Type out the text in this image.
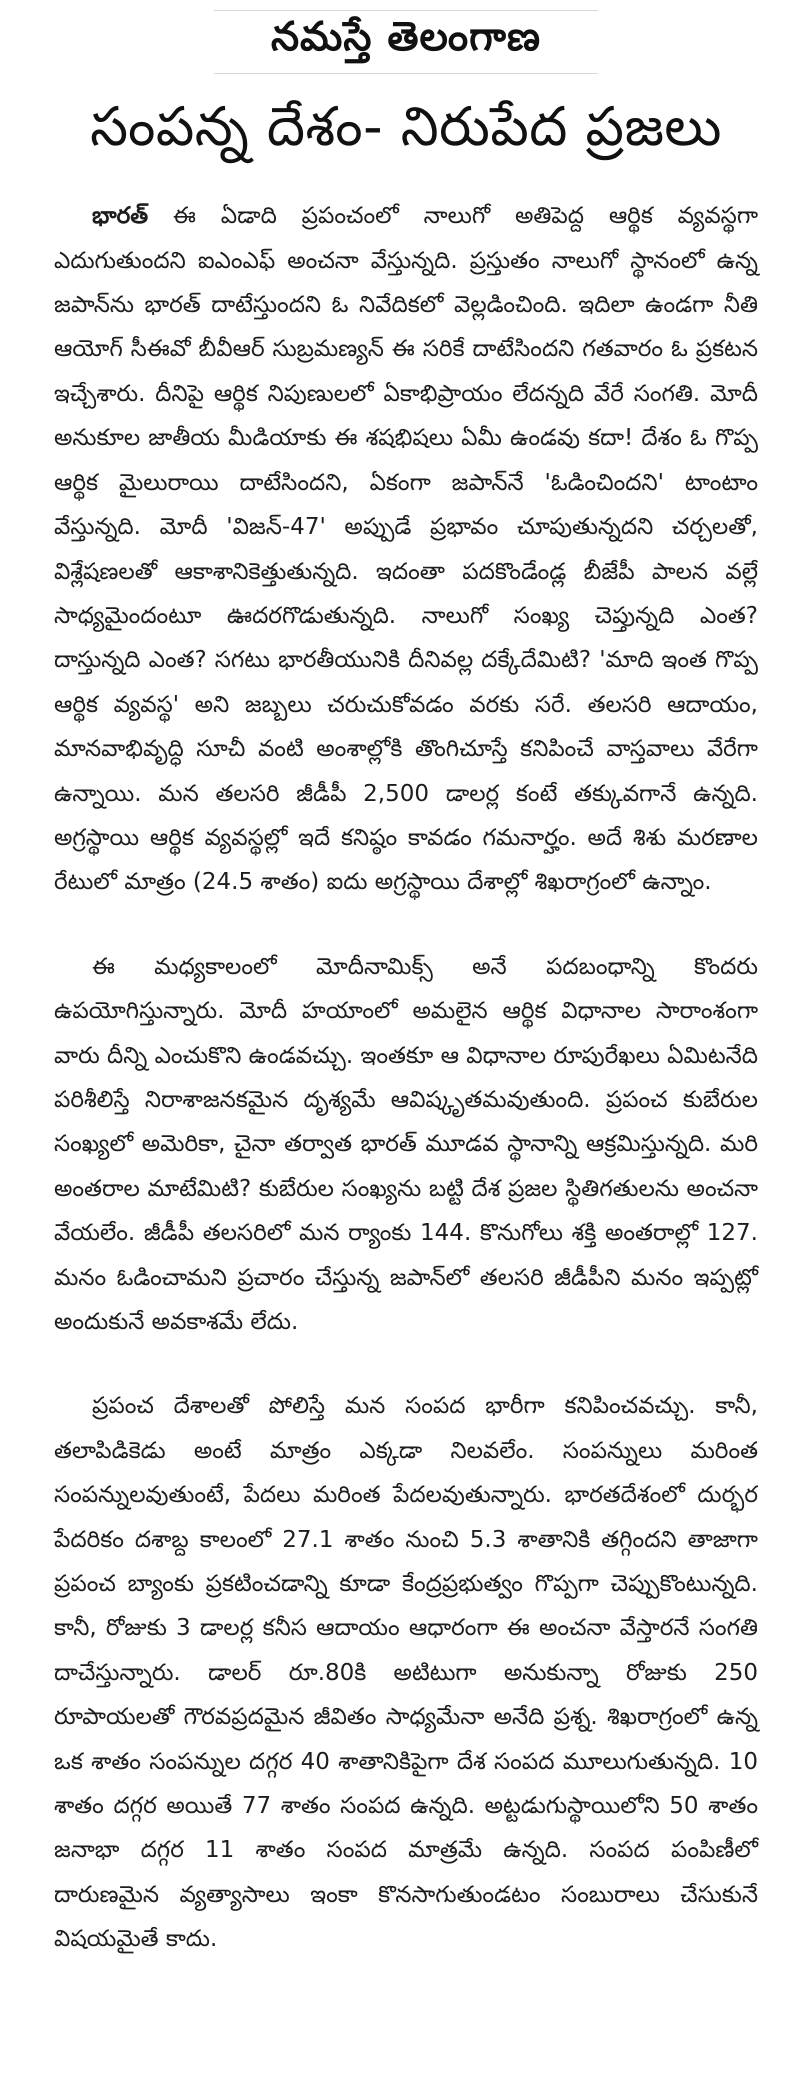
నమస్తే తెలంగాణ
సంపన్న దేశం- నిరుపేద ప్రజలు

భారత్ ఈ ఏడాది ప్రపంచంలో నాలుగో అతిపెద్ద ఆర్థిక వ్యవస్థగా ఎదుగుతుందని ఐఎంఎఫ్ అంచనా వేస్తున్నది. ప్రస్తుతం నాలుగో స్థానంలో ఉన్న జపాన్‌ను భారత్ దాటేస్తుందని ఓ నివేదికలో వెల్లడించింది. ఇదిలా ఉండగా నీతి ఆయోగ్ సీఈవో బీవీఆర్ సుబ్రమణ్యన్ ఈ సరికే దాటేసిందని గతవారం ఓ ప్రకటన ఇచ్చేశారు. దీనిపై ఆర్థిక నిపుణులలో ఏకాభిప్రాయం లేదన్నది వేరే సంగతి. మోదీ అనుకూల జాతీయ మీడియాకు ఈ శషభిషలు ఏమీ ఉండవు కదా! దేశం ఓ గొప్ప ఆర్థిక మైలురాయి దాటేసిందని, ఏకంగా జపాన్‌నే 'ఓడించిందని' టాంటాం వేస్తున్నది. మోదీ 'విజన్-47' అప్పుడే ప్రభావం చూపుతున్నదని చర్చలతో, విశ్లేషణలతో ఆకాశానికెత్తుతున్నది. ఇదంతా పదకొండేండ్ల బీజేపీ పాలన వల్లే సాధ్యమైందంటూ ఊదరగొడుతున్నది. నాలుగో సంఖ్య చెప్తున్నది ఎంత? దాస్తున్నది ఎంత? సగటు భారతీయునికి దీనివల్ల దక్కేదేమిటి? 'మాది ఇంత గొప్ప ఆర్థిక వ్యవస్థ' అని జబ్బలు చరుచుకోవడం వరకు సరే. తలసరి ఆదాయం, మానవాభివృద్ధి సూచీ వంటి అంశాల్లోకి తొంగిచూస్తే కనిపించే వాస్తవాలు వేరేగా ఉన్నాయి. మన తలసరి జీడీపీ 2,500 డాలర్ల కంటే తక్కువగానే ఉన్నది. అగ్రస్థాయి ఆర్థిక వ్యవస్థల్లో ఇదే కనిష్ఠం కావడం గమనార్హం. అదే శిశు మరణాల రేటులో మాత్రం (24.5 శాతం) ఐదు అగ్రస్థాయి దేశాల్లో శిఖరాగ్రంలో ఉన్నాం.

ఈ మధ్యకాలంలో మోదీనామిక్స్ అనే పదబంధాన్ని కొందరు ఉపయోగిస్తున్నారు. మోదీ హయాంలో అమలైన ఆర్థిక విధానాల సారాంశంగా వారు దీన్ని ఎంచుకొని ఉండవచ్చు. ఇంతకూ ఆ విధానాల రూపురేఖలు ఏమిటనేది పరిశీలిస్తే నిరాశాజనకమైన దృశ్యమే ఆవిష్కృతమవుతుంది. ప్రపంచ కుబేరుల సంఖ్యలో అమెరికా, చైనా తర్వాత భారత్ మూడవ స్థానాన్ని ఆక్రమిస్తున్నది. మరి అంతరాల మాటేమిటి? కుబేరుల సంఖ్యను బట్టి దేశ ప్రజల స్థితిగతులను అంచనా వేయలేం. జీడీపీ తలసరిలో మన ర్యాంకు 144. కొనుగోలు శక్తి అంతరాల్లో 127. మనం ఓడించామని ప్రచారం చేస్తున్న జపాన్‌లో తలసరి జీడీపీని మనం ఇప్పట్లో అందుకునే అవకాశమే లేదు.

ప్రపంచ దేశాలతో పోలిస్తే మన సంపద భారీగా కనిపించవచ్చు. కానీ, తలాపిడికెడు అంటే మాత్రం ఎక్కడా నిలవలేం. సంపన్నులు మరింత సంపన్నులవుతుంటే, పేదలు మరింత పేదలవుతున్నారు. భారతదేశంలో దుర్భర పేదరికం దశాబ్ద కాలంలో 27.1 శాతం నుంచి 5.3 శాతానికి తగ్గిందని తాజాగా ప్రపంచ బ్యాంకు ప్రకటించడాన్ని కూడా కేంద్రప్రభుత్వం గొప్పగా చెప్పుకొంటున్నది. కానీ, రోజుకు 3 డాలర్ల కనీస ఆదాయం ఆధారంగా ఈ అంచనా వేస్తారనే సంగతి దాచేస్తున్నారు. డాలర్ రూ.80కి అటిటుగా అనుకున్నా రోజుకు 250 రూపాయలతో గౌరవప్రదమైన జీవితం సాధ్యమేనా అనేది ప్రశ్న. శిఖరాగ్రంలో ఉన్న ఒక శాతం సంపన్నుల దగ్గర 40 శాతానికిపైగా దేశ సంపద మూలుగుతున్నది. 10 శాతం దగ్గర అయితే 77 శాతం సంపద ఉన్నది. అట్టడుగుస్థాయిలోని 50 శాతం జనాభా దగ్గర 11 శాతం సంపద మాత్రమే ఉన్నది. సంపద పంపిణీలో దారుణమైన వ్యత్యాసాలు ఇంకా కొనసాగుతుండటం సంబురాలు చేసుకునే విషయమైతే కాదు.
